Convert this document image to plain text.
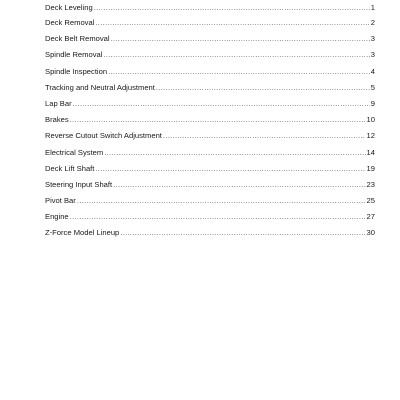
Deck Leveling .....	1
Deck Removal .....	2
Deck Belt Removal .....	3
Spindle Removal .....	3
Spindle Inspection .....	4
Tracking and Neutral Adjustment .....	5
Lap Bar .....	9
Brakes .....	10
Reverse Cutout Switch Adjustment .....	12
Electrical System .....	14
Deck Lift Shaft .....	19
Steering Input Shaft .....	23
Pivot Bar .....	25
Engine .....	27
Z-Force Model Lineup .....	30
